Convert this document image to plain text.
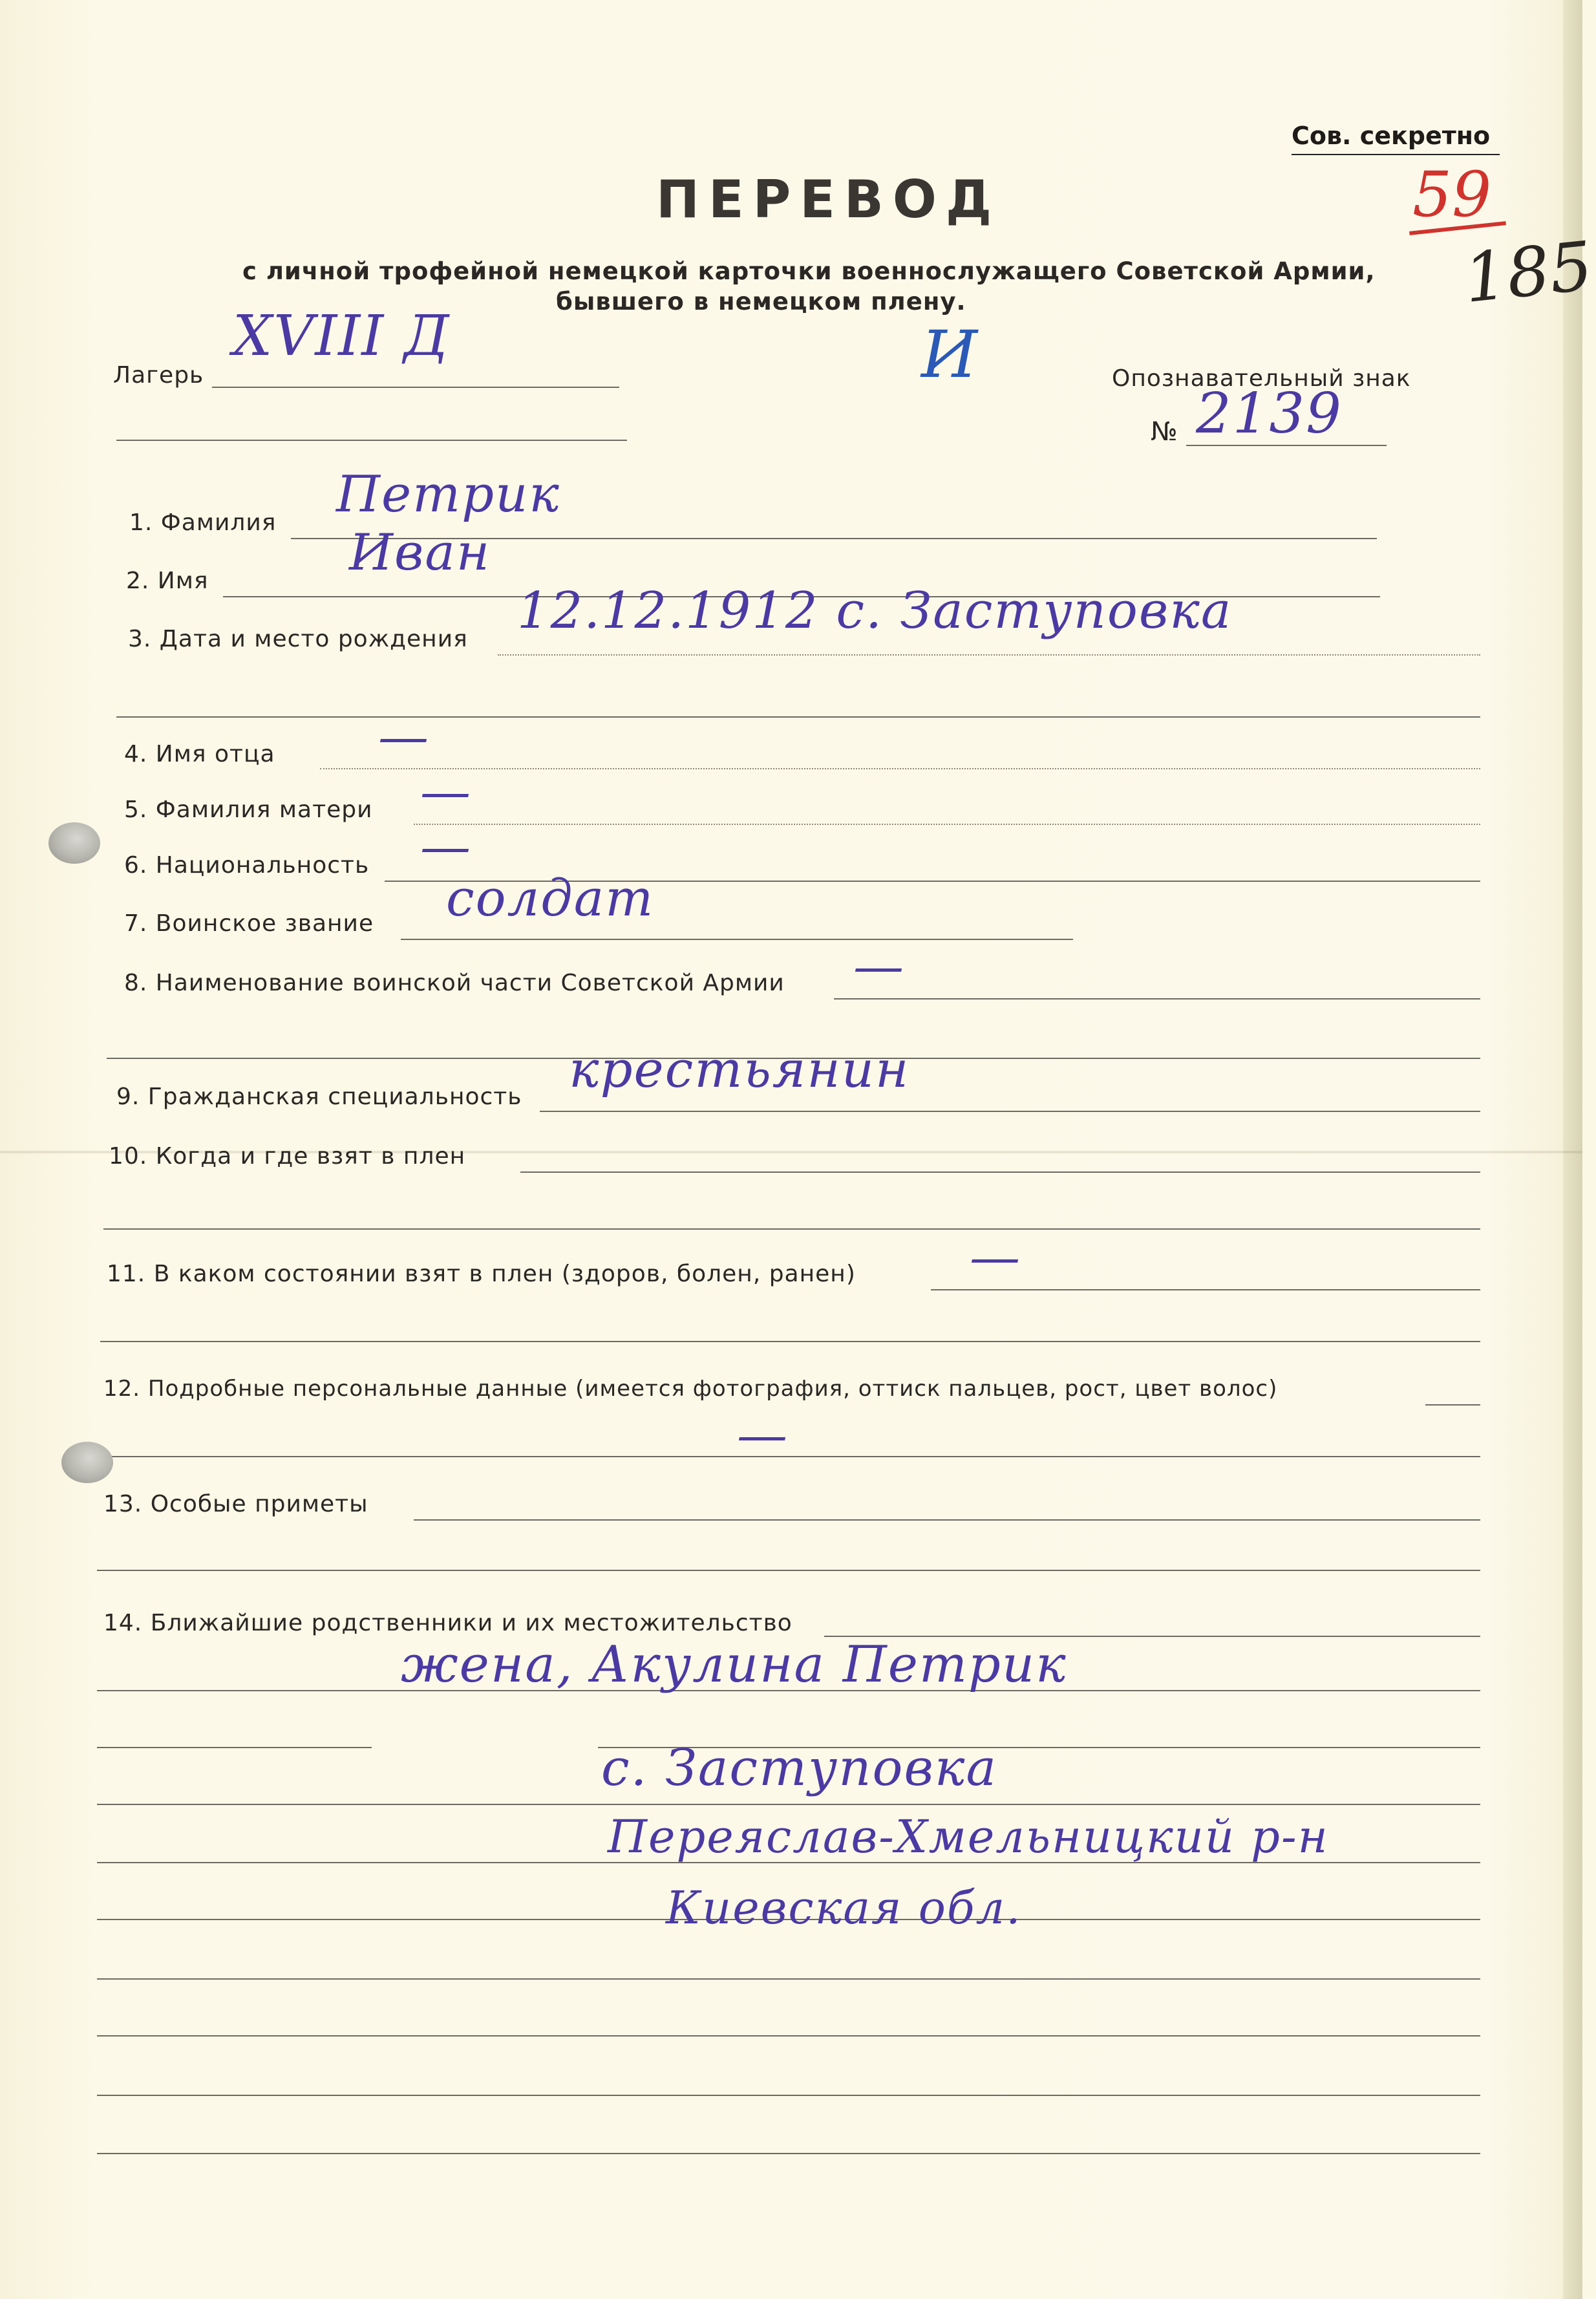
Сов. секретно
59
185
ПЕРЕВОД
с личной трофейной немецкой карточки военнослужащего Советской Армии,
бывшего в немецком плену.
Лагерь
XVIII Д	И	Опознавательный знак
№ 2139
1. Фамилия Петрик
2. Имя	Иван
3. Дата и место рождения 12.12.1912 с. Заступовка
4. Имя отца —
5. Фамилия матери —
6. Национальность —
7. Воинское звание солдат
8. Наименование воинской части Советской Армии —
9. Гражданская специальность крестьянин
10. Когда и где взят в плен
11. В каком состоянии взят в плен (здоров, болен, ранен) —
12. Подробные персональные данные (имеется фотография, оттиск пальцев, рост, цвет волос)
—
13. Особые приметы
14. Ближайшие родственники и их местожительство
жена, Акулина Петрик
с. Заступовка
Переяслав-Хмельницкий р-н
Киевская обл.
